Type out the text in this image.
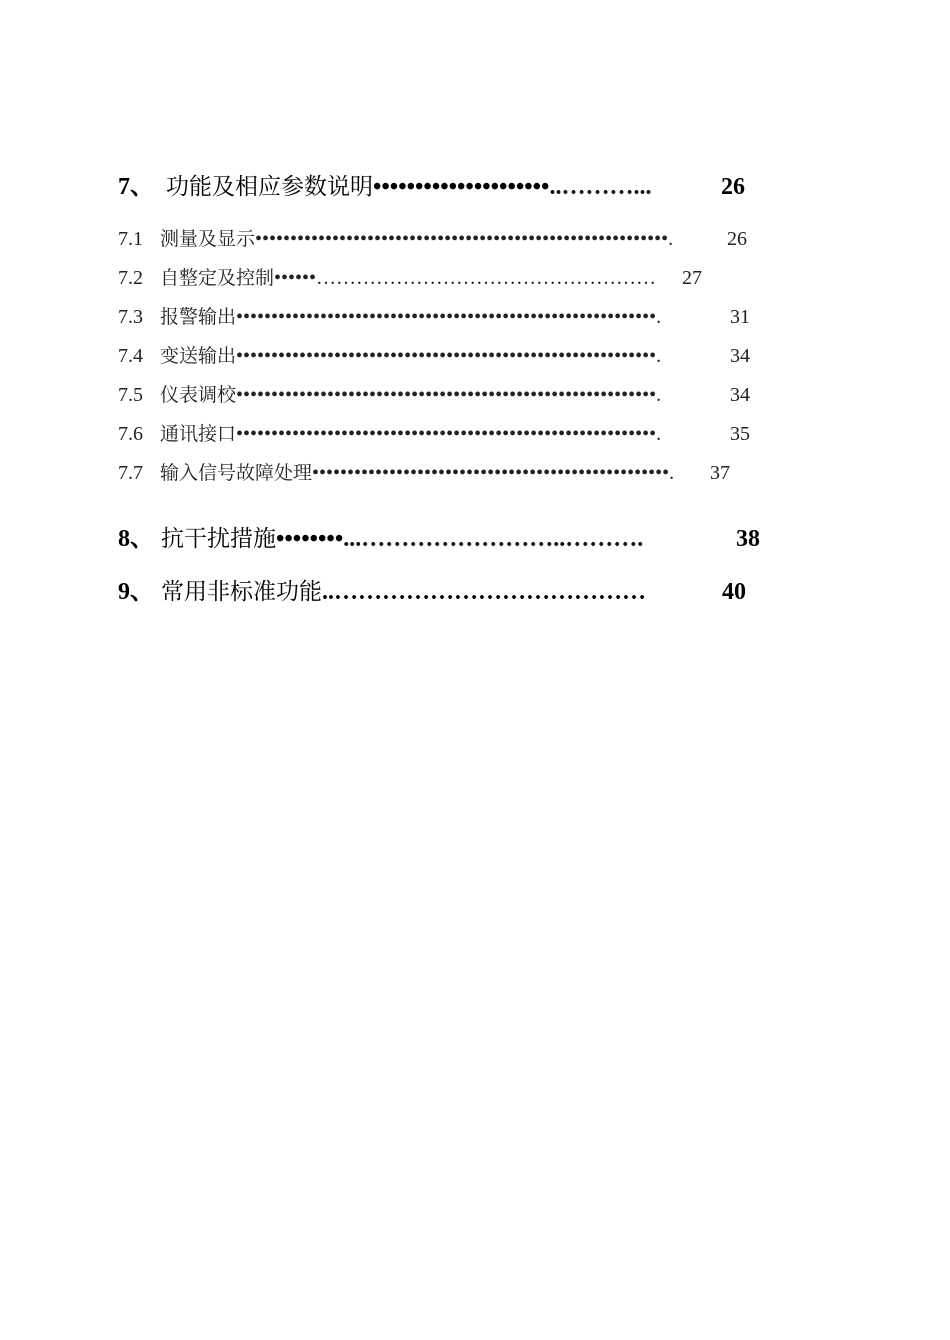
7、 功能及相应参数说明 •••••••••••••••••••••..………...	26
7.1 测量及显示 •••••••••••••••••••••••••••••••••••••••••••••••••••••••••••.	26
7.2 自整定及控制 ••••••……………………………………………	27
7.3 报警输出 ••••••••••••••••••••••••••••••••••••••••••••••••••••••••••••.	31
7.4 变送输出 ••••••••••••••••••••••••••••••••••••••••••••••••••••••••••••.	34
7.5 仪表调校 ••••••••••••••••••••••••••••••••••••••••••••••••••••••••••••.	34
7.6 通讯接口 ••••••••••••••••••••••••••••••••••••••••••••••••••••••••••••.	35
7.7 输入信号故障处理 •••••••••••••••••••••••••••••••••••••••••••••••••••.	37
8、 抗干扰措施 ••••••••...……………………..……….	38
9、 常用非标准功能 ..…………………………………	40
